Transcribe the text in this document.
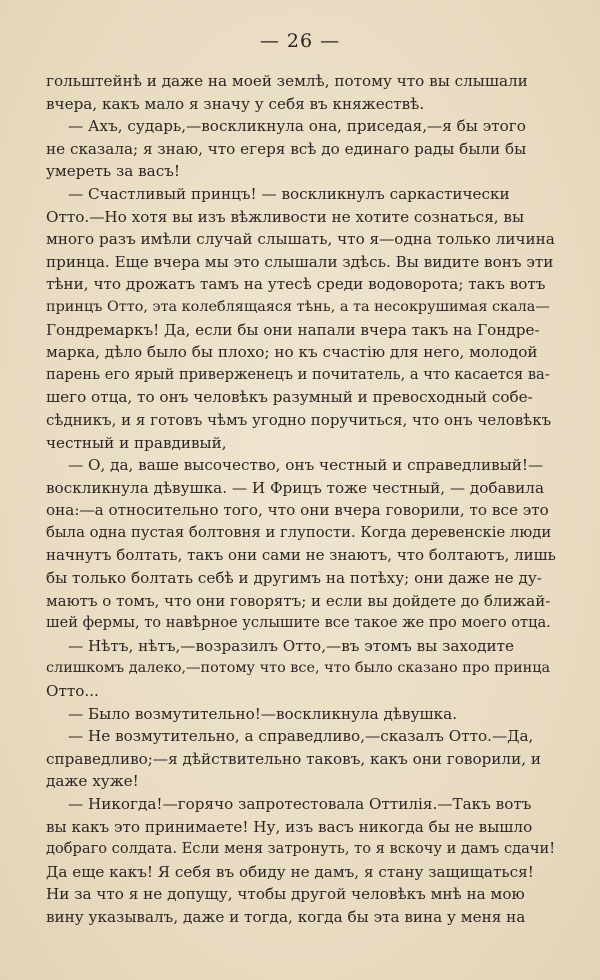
— 26 —
гольштейнѣ и даже на моей землѣ, потому что вы слышали
вчера, какъ мало я значу у себя въ княжествѣ.
— Ахъ, сударь,—воскликнула она, приседая,—я бы этого
не сказала; я знаю, что егеря всѣ до единаго рады были бы
умереть за васъ!
— Счастливый принцъ! — воскликнулъ саркастически
Отто.—Но хотя вы изъ вѣжливости не хотите сознаться, вы
много разъ имѣли случай слышать, что я—одна только личина
принца. Еще вчера мы это слышали здѣсь. Вы видите вонъ эти
тѣни, что дрожатъ тамъ на утесѣ среди водоворота; такъ вотъ
принцъ Отто, эта колеблящаяся тѣнь, а та несокрушимая скала—
Гондремаркъ! Да, если бы они напали вчера такъ на Гондре-
марка, дѣло было бы плохо; но къ счастію для него, молодой
парень его ярый приверженецъ и почитатель, а что касается ва-
шего отца, то онъ человѣкъ разумный и превосходный собе-
сѣдникъ, и я готовъ чѣмъ угодно поручиться, что онъ человѣкъ
честный и правдивый,
— О, да, ваше высочество, онъ честный и справедливый!—
воскликнула дѣвушка. — И Фрицъ тоже честный, — добавила
она:—а относительно того, что они вчера говорили, то все это
была одна пустая болтовня и глупости. Когда деревенскіе люди
начнутъ болтать, такъ они сами не знаютъ, что болтаютъ, лишь
бы только болтать себѣ и другимъ на потѣху; они даже не ду-
маютъ о томъ, что они говорятъ; и если вы дойдете до ближай-
шей фермы, то навѣрное услышите все такое же про моего отца.
— Нѣтъ, нѣтъ,—возразилъ Отто,—въ этомъ вы заходите
слишкомъ далеко,—потому что все, что было сказано про принца
Отто...
— Было возмутительно!—воскликнула дѣвушка.
— Не возмутительно, а справедливо,—сказалъ Отто.—Да,
справедливо;—я дѣйствительно таковъ, какъ они говорили, и
даже хуже!
— Никогда!—горячо запротестовала Оттилія.—Такъ вотъ
вы какъ это принимаете! Ну, изъ васъ никогда бы не вышло
добраго солдата. Если меня затронуть, то я вскочу и дамъ сдачи!
Да еще какъ! Я себя въ обиду не дамъ, я стану защищаться!
Ни за что я не допущу, чтобы другой человѣкъ мнѣ на мою
вину указывалъ, даже и тогда, когда бы эта вина у меня на
